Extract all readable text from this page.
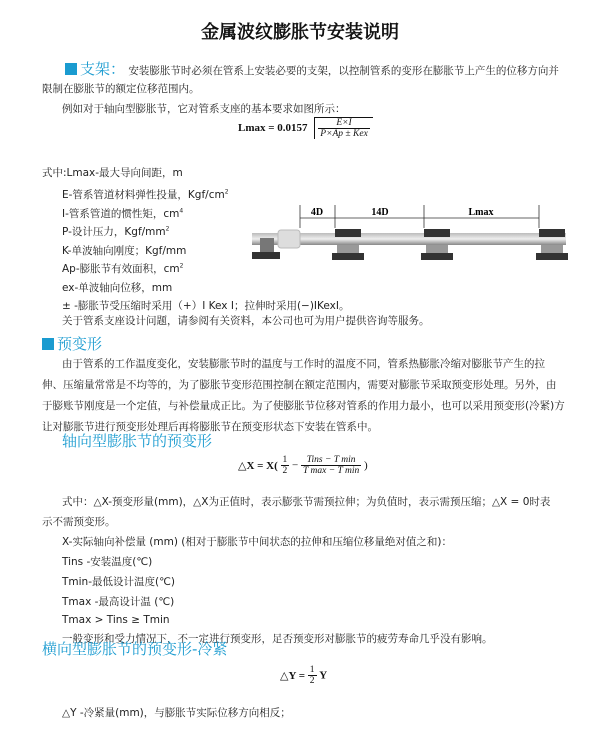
金属波纹膨胀节安装说明
支架： 安装膨胀节时必须在管系上安装必要的支架，以控制管系的变形在膨胀节上产生的位移方向并
限制在膨胀节的额定位移范围内。
例如对于轴向型膨胀节，它对管系支座的基本要求如图所示：
$Lmax = 0.0157 \frac{E\times I}{\text{P×Ap ± Kex}}$
式中:Lmax-最大导向间距，m
E-管系管道材料弹性投量，Kgf/$cm^2$
I-管系管道的惯性矩，$cm^4$
P-设计压力，Kgf/$mm^2$
K-单波轴向刚度；Kgf/mm
Ap-膨胀节有效面积，$cm^2$
ex-单波轴向位移，mm
± -膨胀节受压缩时采用（+）I Kex I；拉伸时采用(−)IKexI。
关于管系支座设计问题，请参阅有关资料，本公司也可为用户提供咨询等服务。
4D	14D	Lmax
预变形
由于管系的工作温度变化，安装膨胀节时的温度与工作时的温度不同，管系热膨胀冷缩对膨胀节产生的拉
伸、压缩量常常是不均等的，为了膨胀节变形范围控制在额定范围内，需要对膨胀节采取预变形处理。另外，由
于膨账节刚度是一个定值，与补偿量成正比。为了使膨胀节位移对管系的作用力最小，也可以采用预变形(冷紧)方
让对膨胀节进行预变形处理后再将膨胀节在预变形状态下安装在管系中。
轴向型膨胀节的预变形
△X = $X( \frac{1}{2} - \frac{\text{Tins − T min}}{\text{T max − T min}}$ )
式中：△X-预变形量(mm)，△X为正值时，表示膨张节需预拉伸；为负值时，表示需预压缩；△X = 0时表
示不需预变形。
X-实际轴向补偿量 (mm) (相对于膨胀节中间状态的拉伸和压缩位移量绝对值之和)：
Tins -安装温度(℃)
Tmin-最低设计温度(℃)
Tmax -最高设计温 (℃)
Tmax > Tins ≥ Tmin
一般变形和受力情况下，不一定进行预变形，足否预变形对膨胀节的疲劳寿命几乎没有影响。
横向型膨胀节的预变形-冷紧
△Y = $\frac{1}{2}$ Y
△Y -冷紧量(mm)，与膨胀节实际位移方向相反；
